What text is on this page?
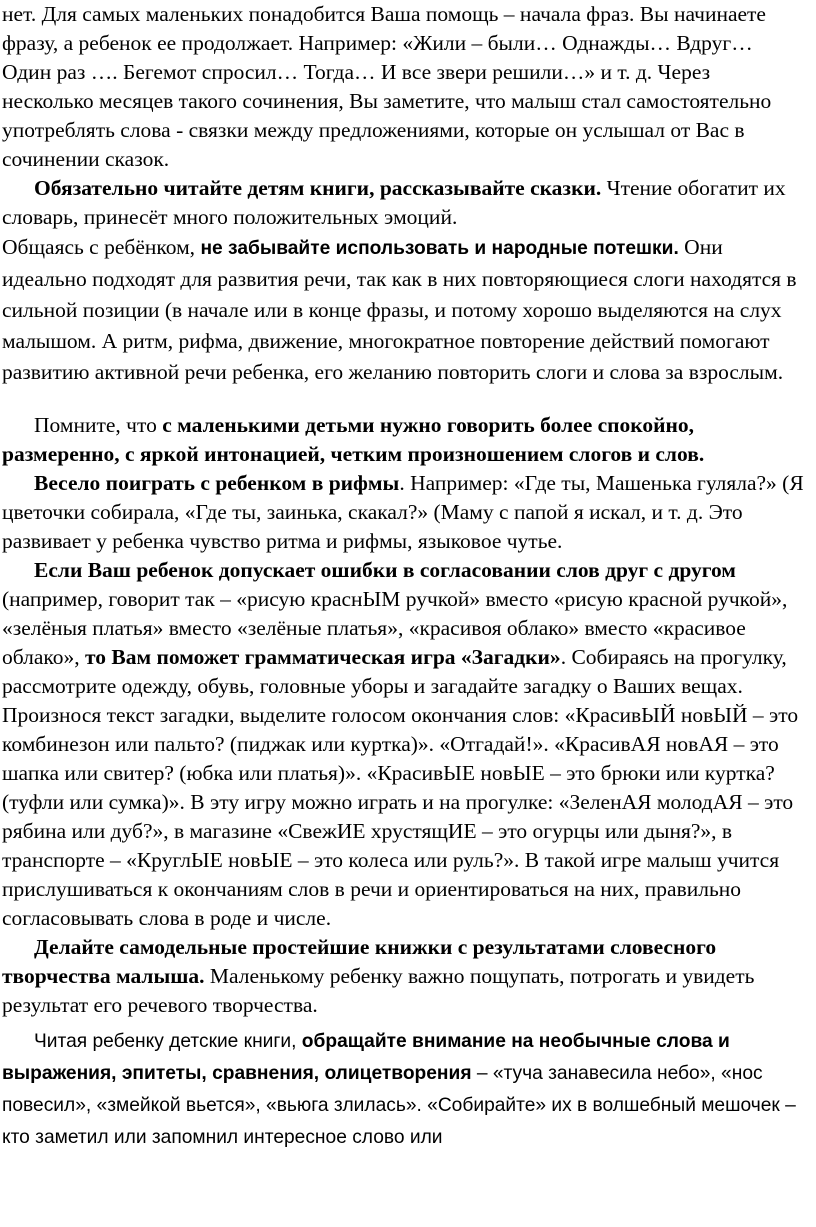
нет. Для самых маленьких понадобится Ваша помощь – начала фраз. Вы начинаете фразу, а ребенок ее продолжает. Например: «Жили – были… Однажды… Вдруг… Один раз …. Бегемот спросил… Тогда… И все звери решили…» и т. д. Через несколько месяцев такого сочинения, Вы заметите, что малыш стал самостоятельно употреблять слова - связки между предложениями, которые он услышал от Вас в сочинении сказок.

Обязательно читайте детям книги, рассказывайте сказки. Чтение обогатит их словарь, принесёт много положительных эмоций.

Общаясь с ребёнком, не забывайте использовать и народные потешки. Они идеально подходят для развития речи, так как в них повторяющиеся слоги находятся в сильной позиции (в начале или в конце фразы, и потому хорошо выделяются на слух малышом. А ритм, рифма, движение, многократное повторение действий помогают развитию активной речи ребенка, его желанию повторить слоги и слова за взрослым.

Помните, что с маленькими детьми нужно говорить более спокойно, размеренно, с яркой интонацией, четким произношением слогов и слов.

Весело поиграть с ребенком в рифмы. Например: «Где ты, Машенька гуляла?» (Я цветочки собирала, «Где ты, заинька, скакал?» (Маму с папой я искал, и т. д. Это развивает у ребенка чувство ритма и рифмы, языковое чутье.

Если Ваш ребенок допускает ошибки в согласовании слов друг с другом (например, говорит так – «рисую краснЫМ ручкой» вместо «рисую красной ручкой», «зелёныя платья» вместо «зелёные платья», «красивоя облако» вместо «красивое облако», то Вам поможет грамматическая игра «Загадки». Собираясь на прогулку, рассмотрите одежду, обувь, головные уборы и загадайте загадку о Ваших вещах. Произнося текст загадки, выделите голосом окончания слов: «КрасивЫЙ новЫЙ – это комбинезон или пальто? (пиджак или куртка)». «Отгадай!». «КрасивАЯ новАЯ – это шапка или свитер? (юбка или платья)». «КрасивЫЕ новЫЕ – это брюки или куртка? (туфли или сумка)». В эту игру можно играть и на прогулке: «ЗеленАЯ молодАЯ – это рябина или дуб?», в магазине «СвежИЕ хрустящИЕ – это огурцы или дыня?», в транспорте – «КруглЫЕ новЫЕ – это колеса или руль?». В такой игре малыш учится прислушиваться к окончаниям слов в речи и ориентироваться на них, правильно согласовывать слова в роде и числе.

Делайте самодельные простейшие книжки с результатами словесного творчества малыша. Маленькому ребенку важно пощупать, потрогать и увидеть результат его речевого творчества.

Читая ребенку детские книги, обращайте внимание на необычные слова и выражения, эпитеты, сравнения, олицетворения – «туча занавесила небо», «нос повесил», «змейкой вьется», «вьюга злилась». «Собирайте» их в волшебный мешочек – кто заметил или запомнил интересное слово или
